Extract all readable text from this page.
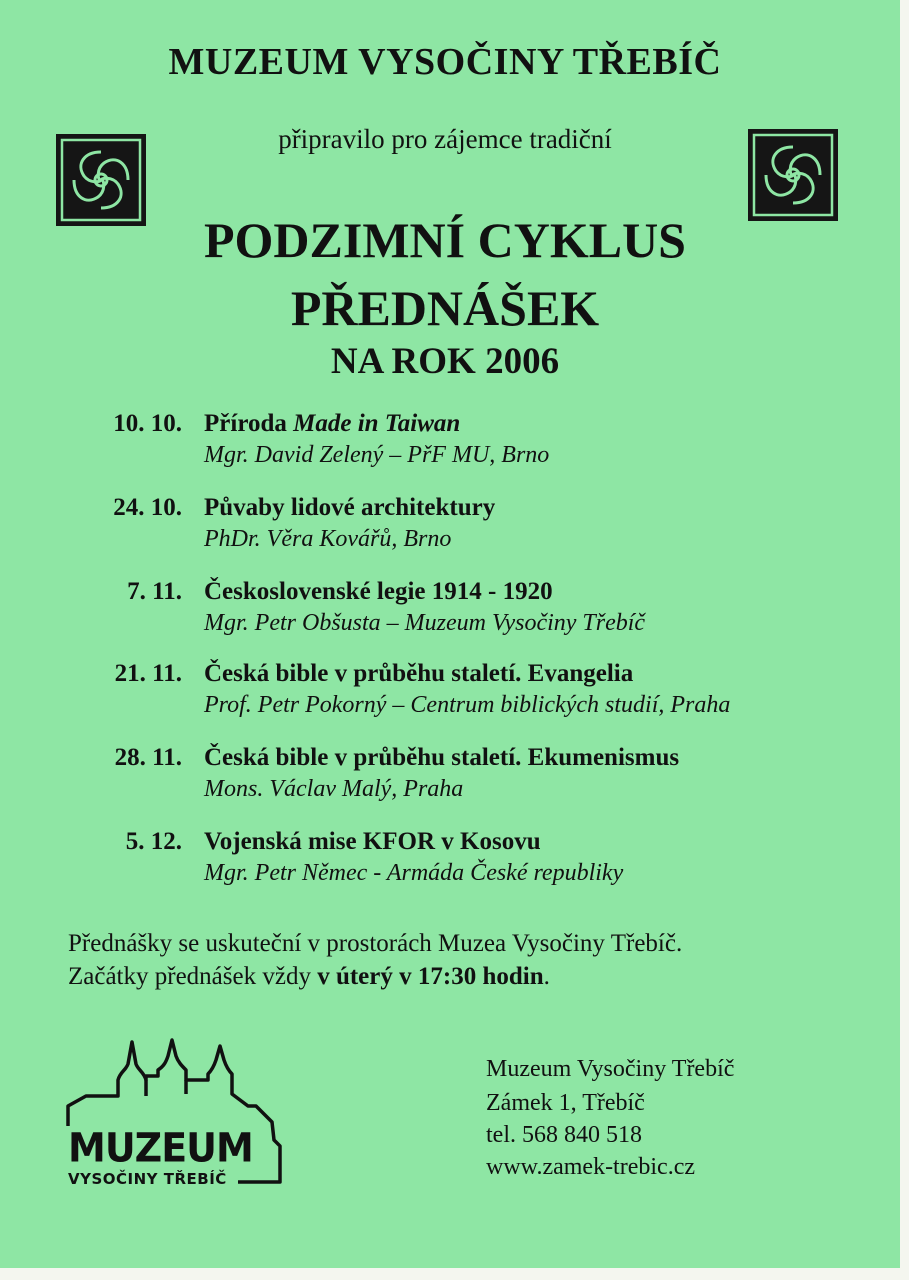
MUZEUM VYSOČINY TŘEBÍČ
připravilo pro zájemce tradiční
PODZIMNÍ CYKLUS
PŘEDNÁŠEK
NA ROK 2006
10. 10. Příroda Made in Taiwan
Mgr. David Zelený – PřF MU, Brno
24. 10. Půvaby lidové architektury
PhDr. Věra Kovářů, Brno
7. 11. Československé legie 1914 - 1920
Mgr. Petr Obšusta – Muzeum Vysočiny Třebíč
21. 11. Česká bible v průběhu staletí. Evangelia
Prof. Petr Pokorný – Centrum biblických studií, Praha
28. 11. Česká bible v průběhu staletí. Ekumenismus
Mons. Václav Malý, Praha
5. 12. Vojenská mise KFOR v Kosovu
Mgr. Petr Němec - Armáda České republiky
Přednášky se uskuteční v prostorách Muzea Vysočiny Třebíč.
Začátky přednášek vždy v úterý v 17:30 hodin.
MUZEUM
VYSOČINY TŘEBÍČ
Muzeum Vysočiny Třebíč
Zámek 1, Třebíč
tel. 568 840 518
www.zamek-trebic.cz
